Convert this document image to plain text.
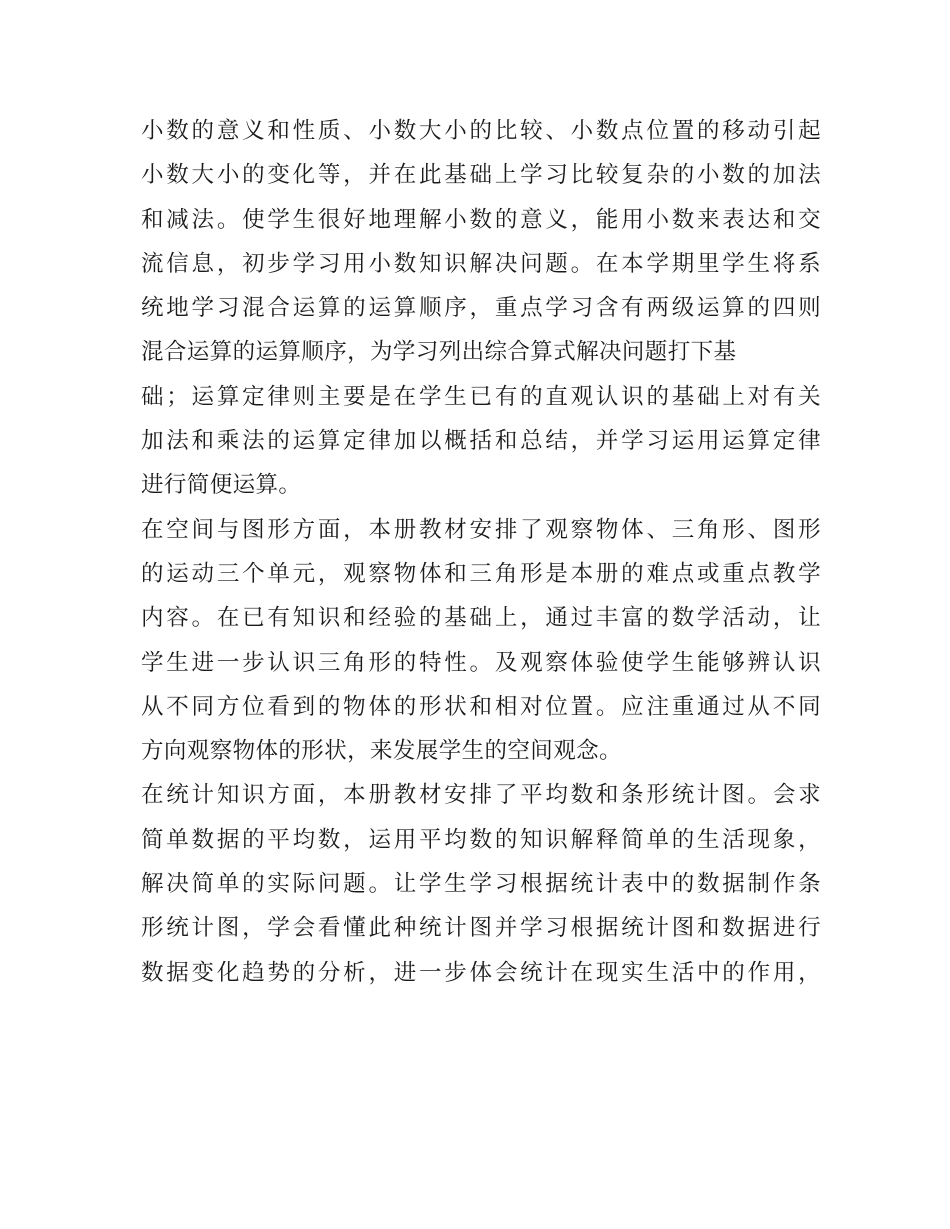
小数的意义和性质、小数大小的比较、小数点位置的移动引起
小数大小的变化等，并在此基础上学习比较复杂的小数的加法
和减法。使学生很好地理解小数的意义，能用小数来表达和交
流信息，初步学习用小数知识解决问题。在本学期里学生将系
统地学习混合运算的运算顺序，重点学习含有两级运算的四则
混合运算的运算顺序，为学习列出综合算式解决问题打下基
础；运算定律则主要是在学生已有的直观认识的基础上对有关
加法和乘法的运算定律加以概括和总结，并学习运用运算定律
进行简便运算。
在空间与图形方面，本册教材安排了观察物体、三角形、图形
的运动三个单元，观察物体和三角形是本册的难点或重点教学
内容。在已有知识和经验的基础上，通过丰富的数学活动，让
学生进一步认识三角形的特性。及观察体验使学生能够辨认识
从不同方位看到的物体的形状和相对位置。应注重通过从不同
方向观察物体的形状，来发展学生的空间观念。
在统计知识方面，本册教材安排了平均数和条形统计图。会求
简单数据的平均数，运用平均数的知识解释简单的生活现象，
解决简单的实际问题。让学生学习根据统计表中的数据制作条
形统计图，学会看懂此种统计图并学习根据统计图和数据进行
数据变化趋势的分析，进一步体会统计在现实生活中的作用，
